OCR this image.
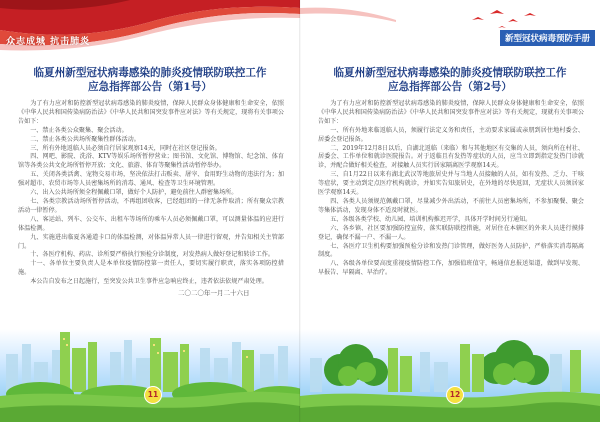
众志成城 抗击肺炎
临夏州新型冠状病毒感染的肺炎疫情联防联控工作
应急指挥部公告（第1号）

为了有力应对和防控新型冠状病毒感染的肺炎疫情，保障人民群众身体健康和生命安全，依照《中华人民共和国传染病防治法》《中华人民共和国突发事件应对法》等有关规定，现将有关事项公告如下：

一、禁止各类公众聚集、聚会活动。

二、禁止各类公共场所聚集性群体活动。

三、所有外地返临人员必须自行居家观察14天，同时在社区登记报备。

四、网吧、影院、洗浴、KTV等娱乐场所暂停营业；图书馆、文化馆、博物馆、纪念馆、体育馆等各类公共文化场所暂停开放；文化、旅游、体育等聚集性活动暂停举办。

五、关闭各类活禽、宠物交易市场，坚决依法打击贩卖、屠宰、食用野生动物的违法行为；加强对超市、农贸市场等人员密集场所的消毒、通风、检查等卫生环境管理。

六、出入公共场所须全程佩戴口罩，做好个人防护，避免前往人群密集场所。

七、各类宗教活动场所暂停活动，不再组团收客，已经组团的一律无条件取消；所有聚众宗教活动一律暂停。

八、客运站、列车、公交车、出租车等场所的乘车人员必须佩戴口罩，可以测量体温的应进行体温检测。

九、实施进出临夏各通道卡口的体温检测，对体温异常人员一律进行留观，并告知相关主管部门。

十、各医疗机构、药店、诊所要严格执行预检分诊制度，对发热病人做好登记和转诊工作。

十一、各单位主要负责人是本单位疫情防控第一责任人，要切实履行职责，落实各项防控措施。

本公告自发布之日起施行，至突发公共卫生事件应急响应终止，违者依法依规严肃处理。

二〇二〇年一月二十六日
11
新型冠状病毒预防手册
临夏州新型冠状病毒感染的肺炎疫情联防联控工作
应急指挥部公告（第2号）

为了有力应对和防控新型冠状病毒感染的肺炎疫情，保障人民群众身体健康和生命安全，依照《中华人民共和国传染病防治法》《中华人民共和国突发事件应对法》等有关规定，现就有关事项公告如下：

一、所有外地来临返临人员，须履行法定义务和责任，主动要求家属或亲朋到居住地村委会、居委会登记报备。

二、2019年12月8日以后，自湖北返临（来临）和与其他地区有交集的人员，须向所在村社、居委会、工作单位和就诊医院报告。对于返临且有发热等症状的人员，应当立即到指定发热门诊就诊，并配合做好相关检查，对接触人员实行居家隔离医学观察14天。

三、自1月22日以来有湖北武汉等地旅居史并与当地人员接触的人员，如有发热、乏力、干咳等症状，要主动到定点医疗机构就诊，并如实告知旅居史，在外地的尽快返回，无症状人员须居家医学观察14天。

四、各类人员须规范佩戴口罩，尽量减少外出活动，不前往人员密集场所，不参加聚餐、聚会等集体活动，发现身体不适及时就医。

五、各级各类学校、幼儿园、培训机构推迟开学，具体开学时间另行通知。

六、各乡镇、社区要加强防控宣传，落实联防联控措施，对居住在本辖区的外来人员进行摸排登记，确保不漏一户、不漏一人。

七、各医疗卫生机构要加强预检分诊和发热门诊管理，做好医务人员防护，严格落实消毒隔离制度。

八、各级各单位要高度重视疫情防控工作，加强值班值守，畅通信息报送渠道，做到早发现、早报告、早隔离、早治疗。

12
